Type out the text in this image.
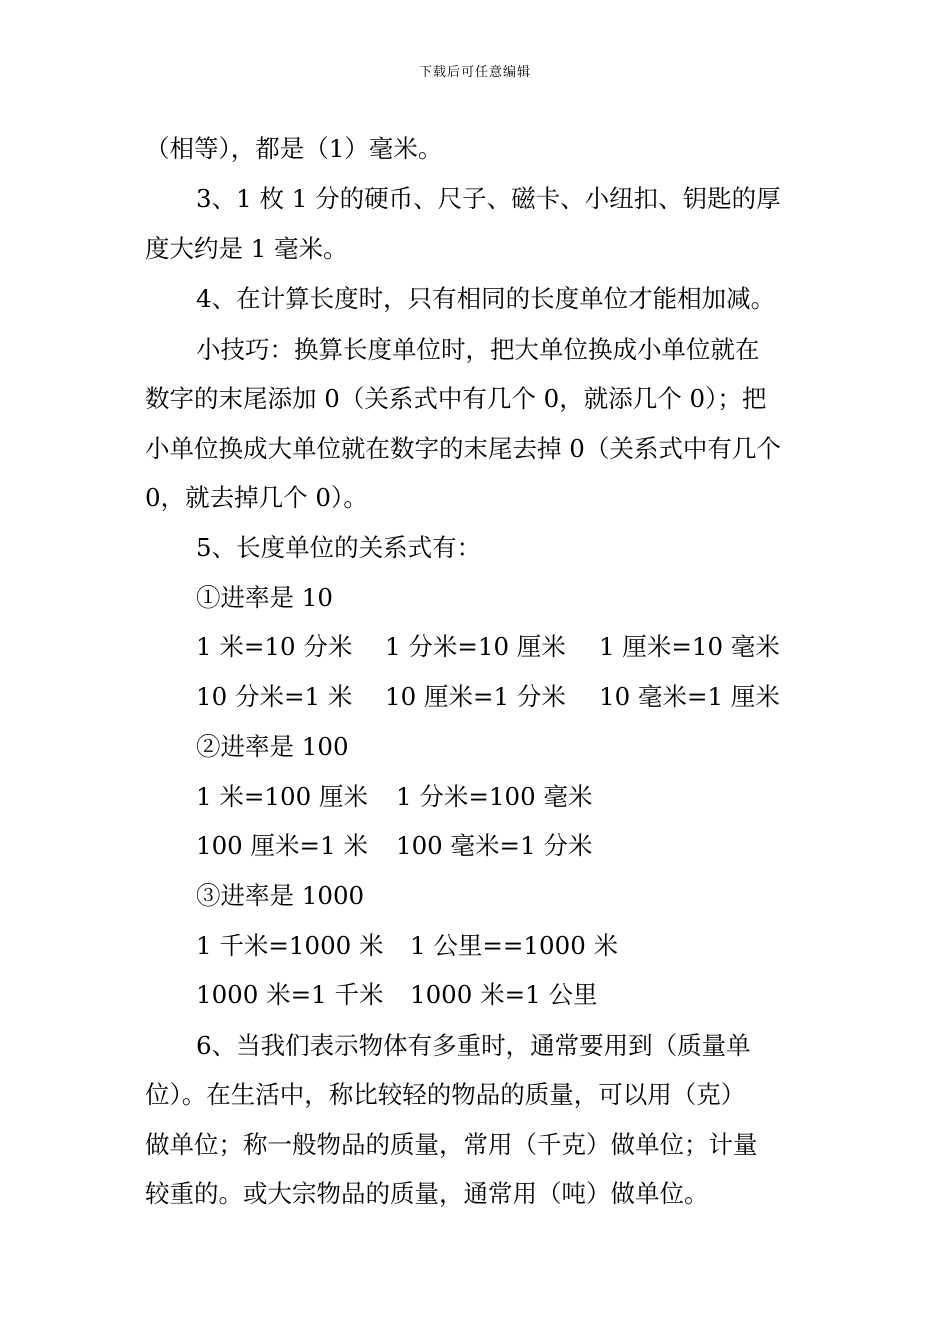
下载后可任意编辑
（相等），都是（1）毫米。
3、1 枚 1 分的硬币、尺子、磁卡、小纽扣、钥匙的厚
度大约是 1 毫米。
4、在计算长度时，只有相同的长度单位才能相加减。
小技巧：换算长度单位时，把大单位换成小单位就在
数字的末尾添加 0（关系式中有几个 0，就添几个 0）；把
小单位换成大单位就在数字的末尾去掉 0（关系式中有几个
0，就去掉几个 0）。
5、长度单位的关系式有：
①进率是 10
1 米=10 分米 1 分米=10 厘米 1 厘米=10 毫米
10 分米=1 米 10 厘米=1 分米 10 毫米=1 厘米
②进率是 100
1 米=100 厘米 1 分米=100 毫米
100 厘米=1 米 100 毫米=1 分米
③进率是 1000
1 千米=1000 米 1 公里==1000 米
1000 米=1 千米 1000 米=1 公里
6、当我们表示物体有多重时，通常要用到（质量单
位）。在生活中，称比较轻的物品的质量，可以用（克）
做单位；称一般物品的质量，常用（千克）做单位；计量
较重的。或大宗物品的质量，通常用（吨）做单位。
